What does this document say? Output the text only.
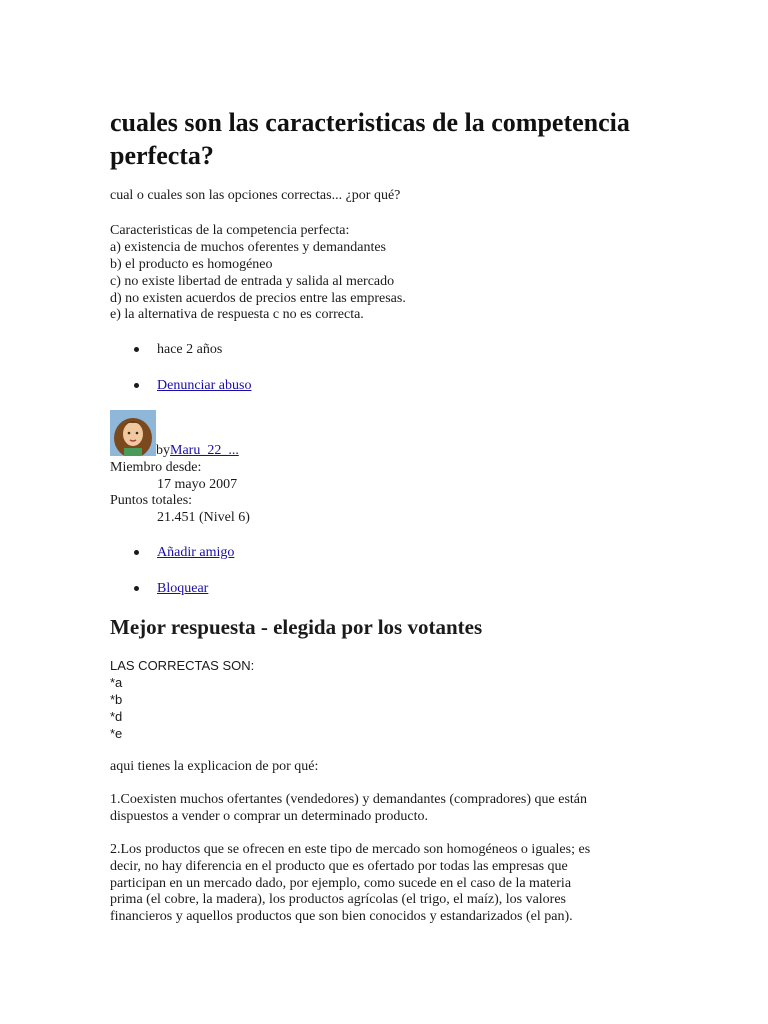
cuales son las caracteristicas de la competencia perfecta?
cual o cuales son las opciones correctas... ¿por qué?
Caracteristicas de la competencia perfecta:
a) existencia de muchos oferentes y demandantes
b) el producto es homogéneo
c) no existe libertad de entrada y salida al mercado
d) no existen acuerdos de precios entre las empresas.
e) la alternativa de respuesta c no es correcta.
hace 2 años
Denunciar abuso
byMaru_22_...
Miembro desde:
17 mayo 2007
Puntos totales:
21.451 (Nivel 6)
Añadir amigo
Bloquear
Mejor respuesta - elegida por los votantes
LAS CORRECTAS SON:
*a
*b
*d
*e
aqui tienes la explicacion de por qué:
1.Coexisten muchos ofertantes (vendedores) y demandantes (compradores) que están
dispuestos a vender o comprar un determinado producto.
2.Los productos que se ofrecen en este tipo de mercado son homogéneos o iguales; es
decir, no hay diferencia en el producto que es ofertado por todas las empresas que
participan en un mercado dado, por ejemplo, como sucede en el caso de la materia
prima (el cobre, la madera), los productos agrícolas (el trigo, el maíz), los valores
financieros y aquellos productos que son bien conocidos y estandarizados (el pan).
